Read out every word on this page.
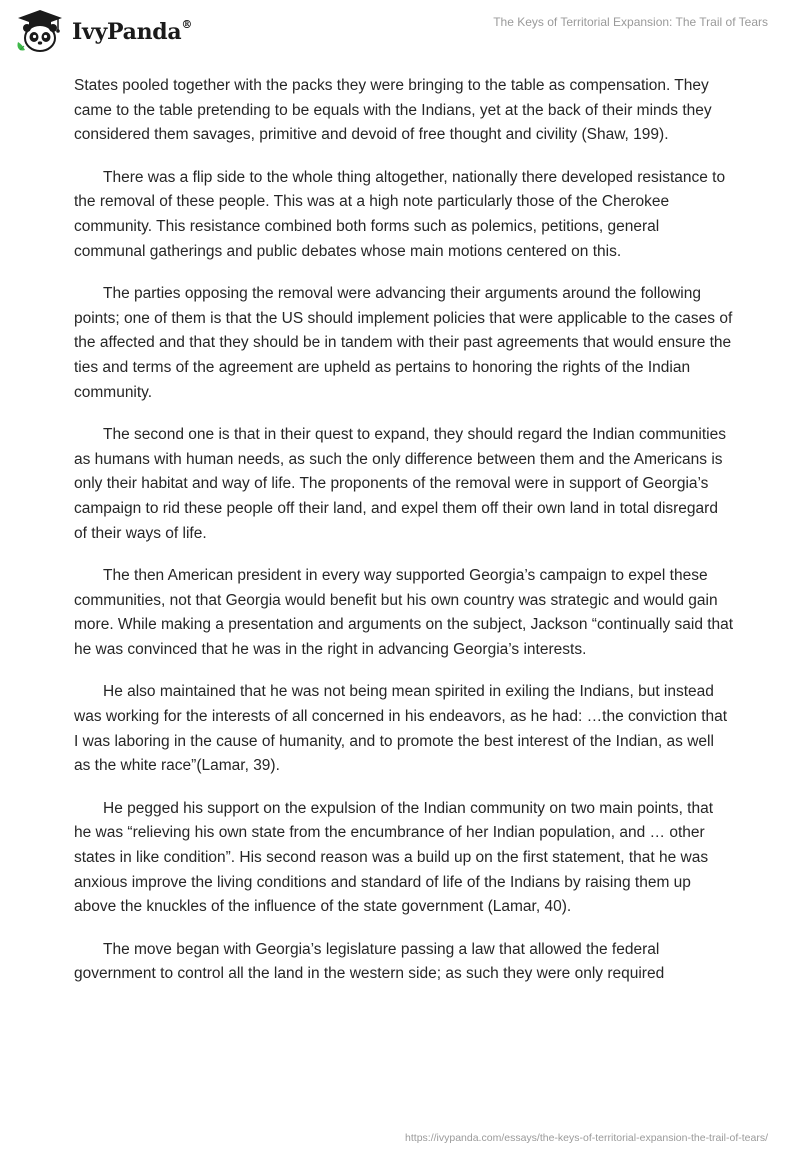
IvyPanda®	The Keys of Territorial Expansion: The Trail of Tears

States pooled together with the packs they were bringing to the table as compensation. They came to the table pretending to be equals with the Indians, yet at the back of their minds they considered them savages, primitive and devoid of free thought and civility (Shaw, 199).

There was a flip side to the whole thing altogether, nationally there developed resistance to the removal of these people. This was at a high note particularly those of the Cherokee community. This resistance combined both forms such as polemics, petitions, general communal gatherings and public debates whose main motions centered on this.

The parties opposing the removal were advancing their arguments around the following points; one of them is that the US should implement policies that were applicable to the cases of the affected and that they should be in tandem with their past agreements that would ensure the ties and terms of the agreement are upheld as pertains to honoring the rights of the Indian community.

The second one is that in their quest to expand, they should regard the Indian communities as humans with human needs, as such the only difference between them and the Americans is only their habitat and way of life. The proponents of the removal were in support of Georgia’s campaign to rid these people off their land, and expel them off their own land in total disregard of their ways of life.

The then American president in every way supported Georgia’s campaign to expel these communities, not that Georgia would benefit but his own country was strategic and would gain more. While making a presentation and arguments on the subject, Jackson “continually said that he was convinced that he was in the right in advancing Georgia’s interests.

He also maintained that he was not being mean spirited in exiling the Indians, but instead was working for the interests of all concerned in his endeavors, as he had: …the conviction that I was laboring in the cause of humanity, and to promote the best interest of the Indian, as well as the white race”(Lamar, 39).

He pegged his support on the expulsion of the Indian community on two main points, that he was “relieving his own state from the encumbrance of her Indian population, and … other states in like condition”. His second reason was a build up on the first statement, that he was anxious improve the living conditions and standard of life of the Indians by raising them up above the knuckles of the influence of the state government (Lamar, 40).

The move began with Georgia’s legislature passing a law that allowed the federal government to control all the land in the western side; as such they were only required

https://ivypanda.com/essays/the-keys-of-territorial-expansion-the-trail-of-tears/
